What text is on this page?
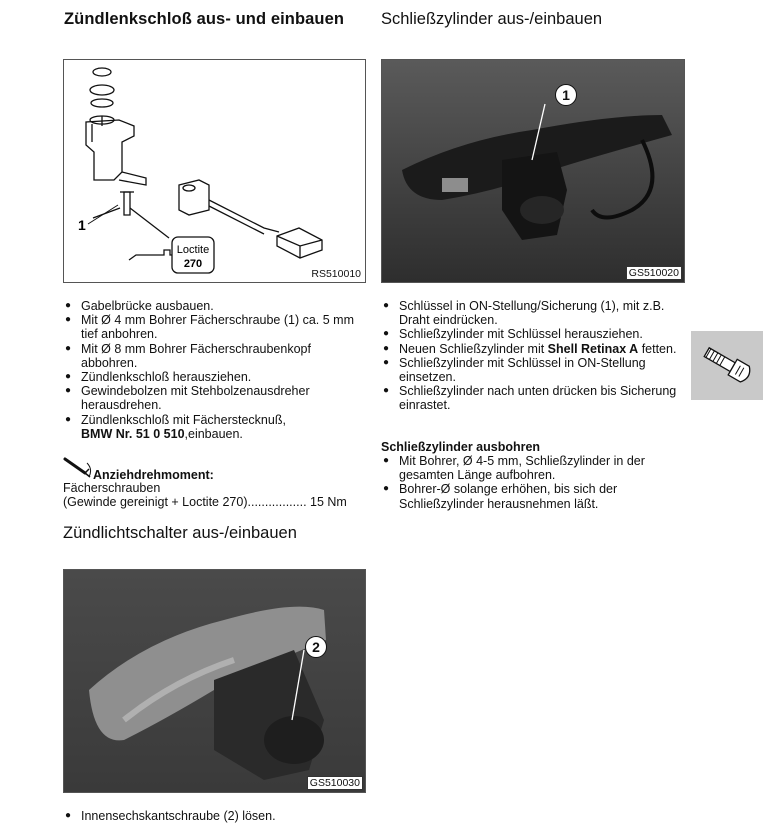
Zündlenkschloß aus- und einbauen Schließzylinder aus-/einbauen
Zündlichtschalter aus-/einbauen
Loctite
270
1
RS510010
1
GS510020
2
GS510030
● Gabelbrücke ausbauen.
● Mit Ø 4 mm Bohrer Fächerschraube (1) ca. 5 mm tief anbohren.
● Mit Ø 8 mm Bohrer Fächerschraubenkopf abbohren.
● Zündlenkschloß herausziehen.
● Gewindebolzen mit Stehbolzenausdreher herausdrehen.
● Zündlenkschloß mit Fächerstecknuß,
BMW Nr. 51 0 510,einbauen.
Anziehdrehmoment:
Fächerschrauben
(Gewinde gereinigt + Loctite 270)................. 15 Nm
● Schlüssel in ON-Stellung/Sicherung (1), mit z.B. Draht eindrücken.
● Schließzylinder mit Schlüssel herausziehen.
● Neuen Schließzylinder mit Shell Retinax A fetten.
● Schließzylinder mit Schlüssel in ON-Stellung einsetzen.
● Schließzylinder nach unten drücken bis Sicherung einrastet.
Schließzylinder ausbohren
● Mit Bohrer, Ø 4-5 mm, Schließzylinder in der gesamten Länge aufbohren.
● Bohrer-Ø solange erhöhen, bis sich der Schließzylinder herausnehmen läßt.
● Innensechskantschraube (2) lösen.
